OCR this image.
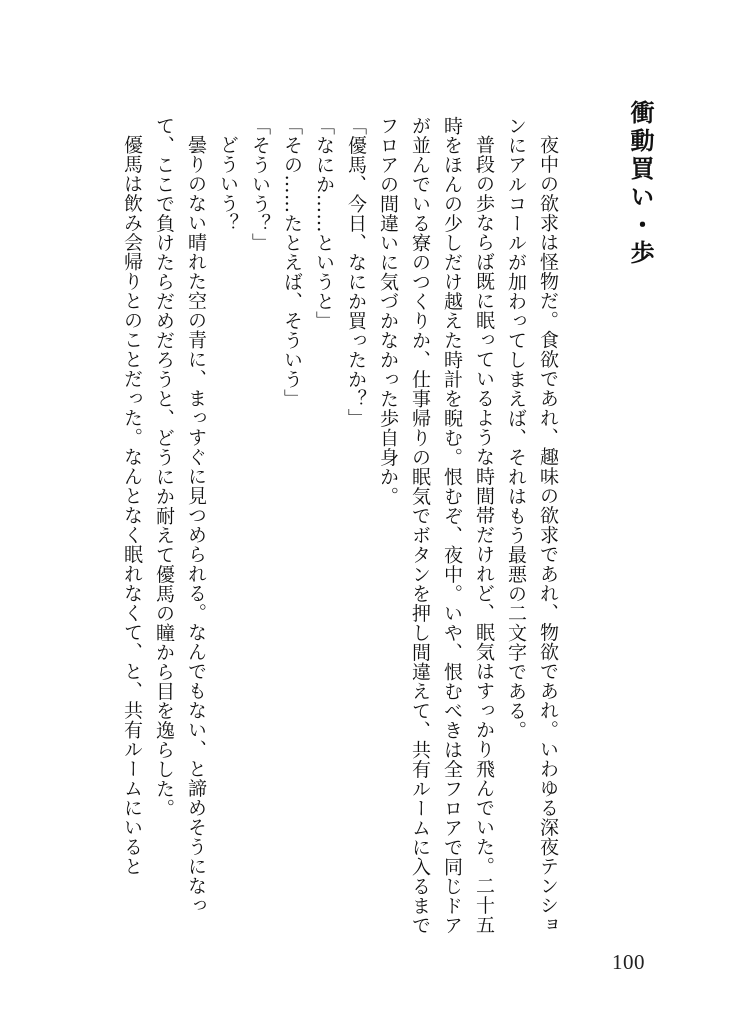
衝動買い・歩

夜中の欲求は怪物だ。食欲であれ、趣味の欲求であれ、物欲であれ。いわゆる深夜テンションにアルコールが加わってしまえば、それはもう最悪の二文字である。

普段の歩ならば既に眠っているような時間帯だけれど、眠気はすっかり飛んでいた。二十五時をほんの少しだけ越えた時計を睨む。恨むぞ、夜中。いや、恨むべきは全フロアで同じドアが並んでいる寮のつくりか、仕事帰りの眠気でボタンを押し間違えて、共有ルームに入るまでフロアの間違いに気づかなかった歩自身か。

「優馬、今日、なにか買ったか？」

「なにか……というと」

「その……たとえば、そういう」

「そういう？」

どういう？

曇りのない晴れた空の青に、まっすぐに見つめられる。なんでもない、と諦めそうになって、ここで負けたらだめだろうと、どうにか耐えて優馬の瞳から目を逸らした。

優馬は飲み会帰りとのことだった。なんとなく眠れなくて、と、共有ルームにいると

100
